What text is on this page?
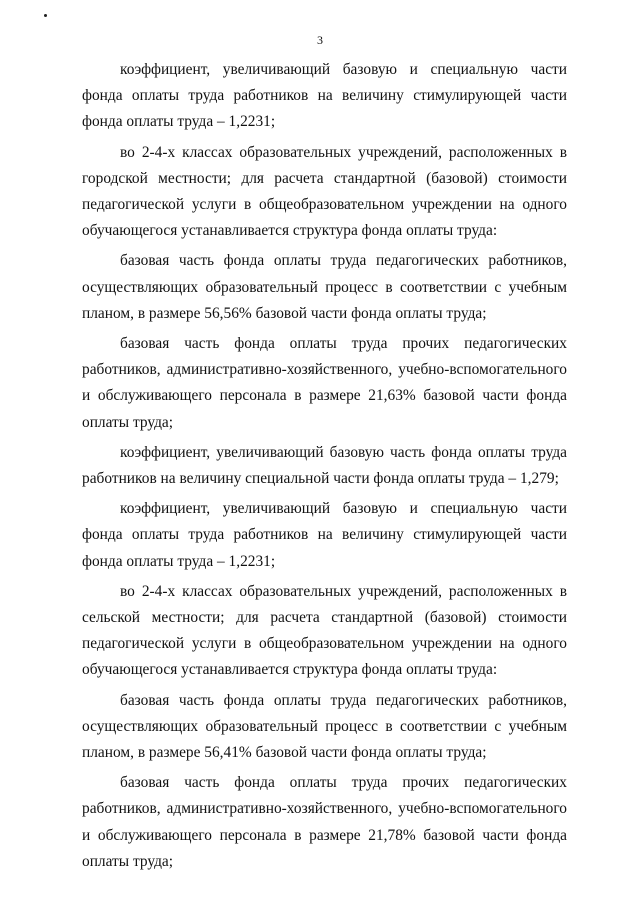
3

коэффициент, увеличивающий базовую и специальную части фонда оплаты труда работников на величину стимулирующей части фонда оплаты труда – 1,2231;

во 2-4-х классах образовательных учреждений, расположенных в городской местности; для расчета стандартной (базовой) стоимости педагогической услуги в общеобразовательном учреждении на одного обучающегося устанавливается структура фонда оплаты труда:

базовая часть фонда оплаты труда педагогических работников, осуществляющих образовательный процесс в соответствии с учебным планом, в размере 56,56% базовой части фонда оплаты труда;

базовая часть фонда оплаты труда прочих педагогических работников, административно-хозяйственного, учебно-вспомогательного и обслуживающего персонала в размере 21,63% базовой части фонда оплаты труда;

коэффициент, увеличивающий базовую часть фонда оплаты труда работников на величину специальной части фонда оплаты труда – 1,279;

коэффициент, увеличивающий базовую и специальную части фонда оплаты труда работников на величину стимулирующей части фонда оплаты труда – 1,2231;

во 2-4-х классах образовательных учреждений, расположенных в сельской местности; для расчета стандартной (базовой) стоимости педагогической услуги в общеобразовательном учреждении на одного обучающегося устанавливается структура фонда оплаты труда:

базовая часть фонда оплаты труда педагогических работников, осуществляющих образовательный процесс в соответствии с учебным планом, в размере 56,41% базовой части фонда оплаты труда;

базовая часть фонда оплаты труда прочих педагогических работников, административно-хозяйственного, учебно-вспомогательного и обслуживающего персонала в размере 21,78% базовой части фонда оплаты труда;
